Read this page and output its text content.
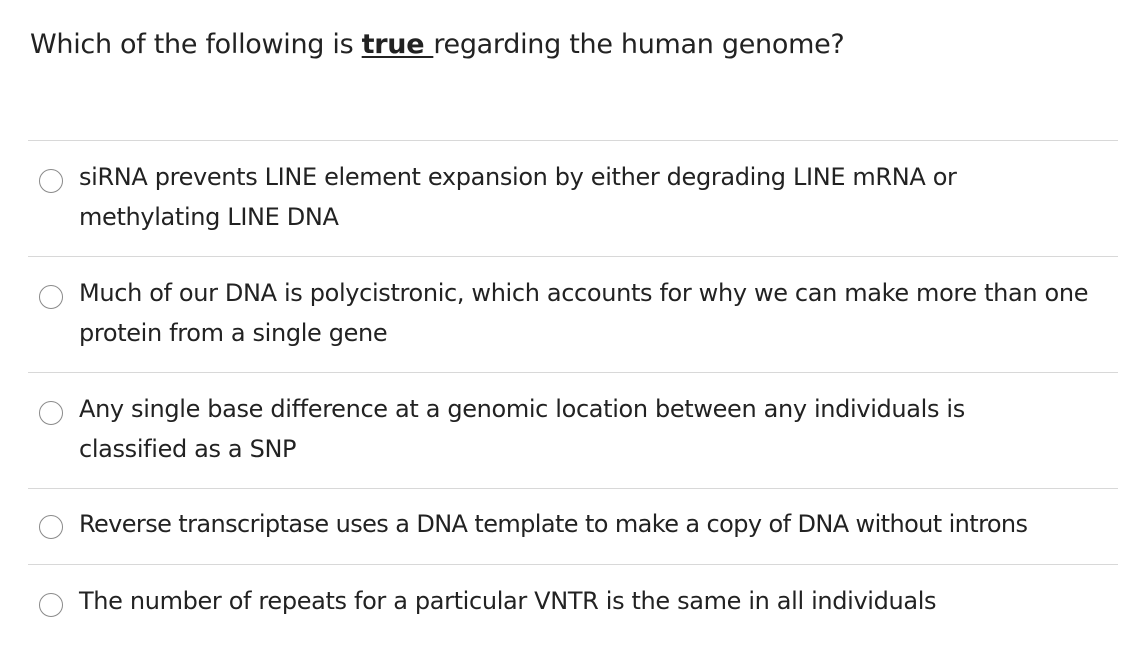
Which of the following is true regarding the human genome?
siRNA prevents LINE element expansion by either degrading LINE mRNA or methylating LINE DNA
Much of our DNA is polycistronic, which accounts for why we can make more than one protein from a single gene
Any single base difference at a genomic location between any individuals is classified as a SNP
Reverse transcriptase uses a DNA template to make a copy of DNA without introns
The number of repeats for a particular VNTR is the same in all individuals
